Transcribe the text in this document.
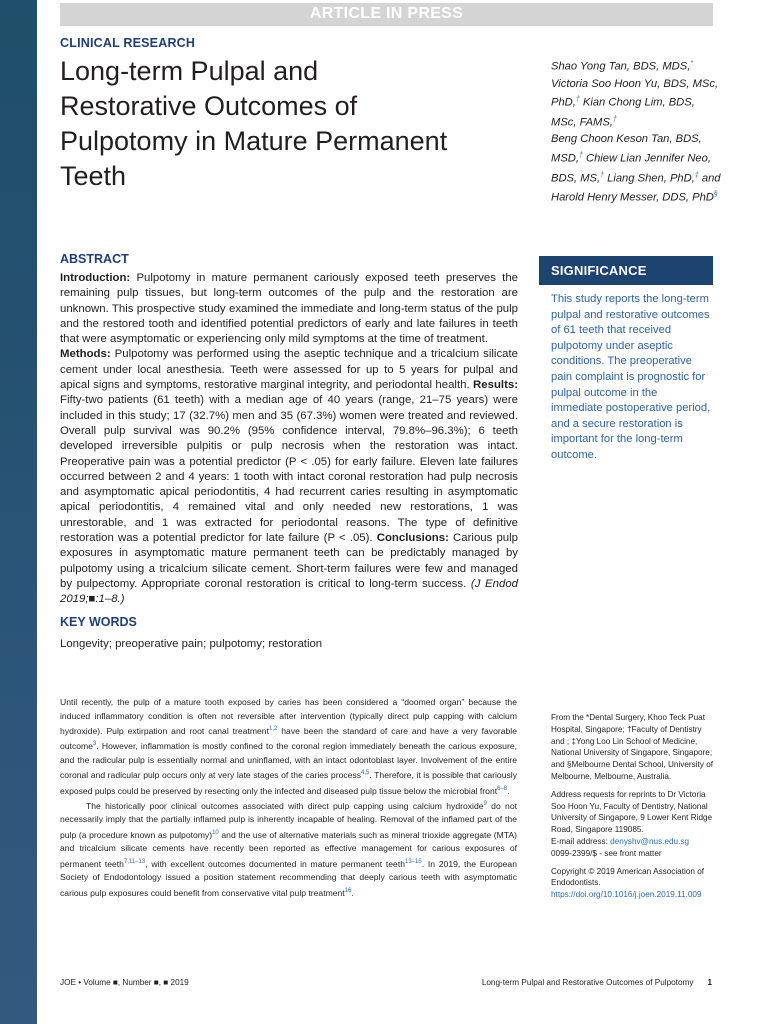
ARTICLE IN PRESS
CLINICAL RESEARCH
Long-term Pulpal and Restorative Outcomes of Pulpotomy in Mature Permanent Teeth
Shao Yong Tan, BDS, MDS,*
Victoria Soo Hoon Yu, BDS, MSc, PhD,† Kian Chong Lim, BDS, MSc, FAMS,†
Beng Choon Keson Tan, BDS, MSD,† Chiew Lian Jennifer Neo, BDS, MS,† Liang Shen, PhD,‡ and Harold Henry Messer, DDS, PhD§
ABSTRACT
Introduction: Pulpotomy in mature permanent cariously exposed teeth preserves the remaining pulp tissues, but long-term outcomes of the pulp and the restoration are unknown. This prospective study examined the immediate and long-term status of the pulp and the restored tooth and identified potential predictors of early and late failures in teeth that were asymptomatic or experiencing only mild symptoms at the time of treatment.
Methods: Pulpotomy was performed using the aseptic technique and a tricalcium silicate cement under local anesthesia. Teeth were assessed for up to 5 years for pulpal and apical signs and symptoms, restorative marginal integrity, and periodontal health. Results: Fifty-two patients (61 teeth) with a median age of 40 years (range, 21–75 years) were included in this study; 17 (32.7%) men and 35 (67.3%) women were treated and reviewed. Overall pulp survival was 90.2% (95% confidence interval, 79.8%–96.3%); 6 teeth developed irreversible pulpitis or pulp necrosis when the restoration was intact. Preoperative pain was a potential predictor (P < .05) for early failure. Eleven late failures occurred between 2 and 4 years: 1 tooth with intact coronal restoration had pulp necrosis and asymptomatic apical periodontitis, 4 had recurrent caries resulting in asymptomatic apical periodontitis, 4 remained vital and only needed new restorations, 1 was unrestorable, and 1 was extracted for periodontal reasons. The type of definitive restoration was a potential predictor for late failure (P < .05). Conclusions: Carious pulp exposures in asymptomatic mature permanent teeth can be predictably managed by pulpotomy using a tricalcium silicate cement. Short-term failures were few and managed by pulpectomy. Appropriate coronal restoration is critical to long-term success. (J Endod 2019;■:1–8.)
SIGNIFICANCE
This study reports the long-term pulpal and restorative outcomes of 61 teeth that received pulpotomy under aseptic conditions. The preoperative pain complaint is prognostic for pulpal outcome in the immediate postoperative period, and a secure restoration is important for the long-term outcome.
KEY WORDS
Longevity; preoperative pain; pulpotomy; restoration

Until recently, the pulp of a mature tooth exposed by caries has been considered a “doomed organ” because the induced inflammatory condition is often not reversible after intervention (typically direct pulp capping with calcium hydroxide). Pulp extirpation and root canal treatment$^{1,2}$ have been the standard of care and have a very favorable outcome$^3$. However, inflammation is mostly confined to the coronal region immediately beneath the carious exposure, and the radicular pulp is essentially normal and uninflamed, with an intact odontoblast layer. Involvement of the entire coronal and radicular pulp occurs only at very late stages of the caries process$^{4,5}$. Therefore, it is possible that cariously exposed pulps could be preserved by resecting only the infected and diseased pulp tissue below the microbial front$^{6-8}$.

The historically poor clinical outcomes associated with direct pulp capping using calcium hydroxide$^9$ do not necessarily imply that the partially inflamed pulp is inherently incapable of healing. Removal of the inflamed part of the pulp (a procedure known as pulpotomy)$^{10}$ and the use of alternative materials such as mineral trioxide aggregate (MTA) and tricalcium silicate cements have recently been reported as effective management for carious exposures of permanent teeth$^{7,11-13}$, with excellent outcomes documented in mature permanent teeth$^{13-15}$. In 2019, the European Society of Endodontology issued a position statement recommending that deeply carious teeth with asymptomatic carious pulp exposures could benefit from conservative vital pulp treatment$^{16}$.

From the *Dental Surgery, Khoo Teck Puat Hospital, Singapore; †Faculty of Dentistry and ; ‡Yong Loo Lin School of Medicine, National University of Singapore, Singapore; and §Melbourne Dental School, University of Melbourne, Melbourne, Australia.

Address requests for reprints to Dr Victoria Soo Hoon Yu, Faculty of Dentistry, National University of Singapore, 9 Lower Kent Ridge Road, Singapore 119085.
E-mail address: denyshv@nus.edu.sg
0099-2399/$ - see front matter

Copyright © 2019 American Association of Endodontists.
https://doi.org/10.1016/j.joen.2019.11.009

JOE • Volume ■, Number ■, ■ 2019	Long-term Pulpal and Restorative Outcomes of Pulpotomy 1
